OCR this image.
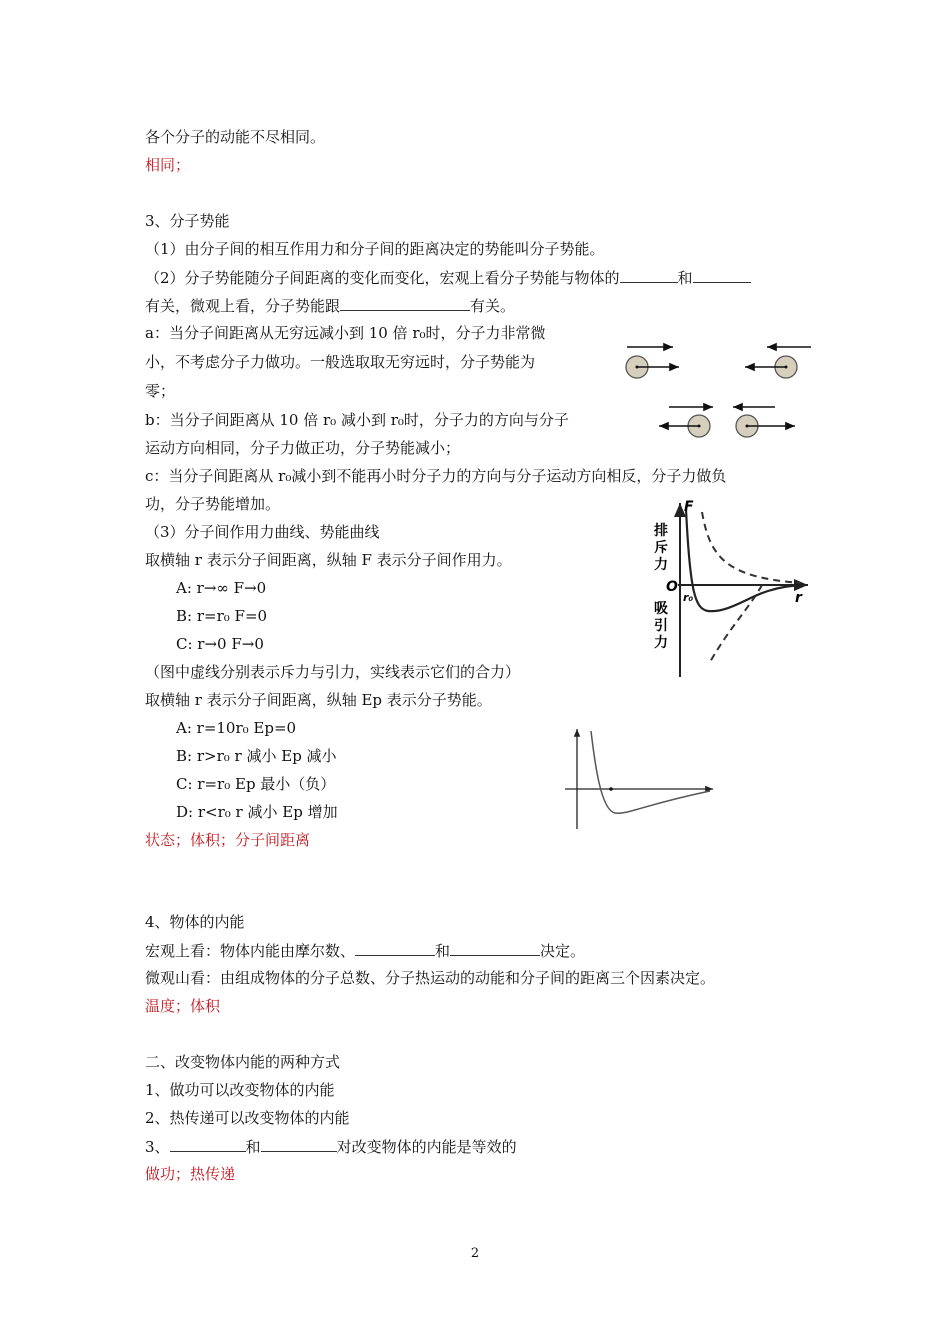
各个分子的动能不尽相同。
相同；
3、分子势能
（1）由分子间的相互作用力和分子间的距离决定的势能叫分子势能。
（2）分子势能随分子间距离的变化而变化，宏观上看分子势能与物体的	和
有关，微观上看，分子势能跟	有关。
a：当分子间距离从无穷远减小到 10 倍 r₀时，分子力非常微
小，不考虑分子力做功。一般选取取无穷远时，分子势能为
零；
b：当分子间距离从 10 倍 r₀ 减小到 r₀时，分子力的方向与分子
运动方向相同，分子力做正功，分子势能减小；
c：当分子间距离从 r₀减小到不能再小时分子力的方向与分子运动方向相反，分子力做负
功，分子势能增加。
（3）分子间作用力曲线、势能曲线
取横轴 r 表示分子间距离，纵轴 F 表示分子间作用力。
A: r→∞ F→0
B: r=r₀ F=0
C: r→0 F→0
（图中虚线分别表示斥力与引力，实线表示它们的合力）
取横轴 r 表示分子间距离，纵轴 Ep 表示分子势能。
A: r=10r₀ Ep=0
B: r>r₀ r 减小 Ep 减小
C: r=r₀ Ep 最小（负）
D: r<r₀ r 减小 Ep 增加
状态；体积；分子间距离
4、物体的内能
宏观上看：物体内能由摩尔数、	和	决定。
微观山看：由组成物体的分子总数、分子热运动的动能和分子间的距离三个因素决定。
温度；体积
二、改变物体内能的两种方式
1、做功可以改变物体的内能
2、热传递可以改变物体的内能
3、	和	对改变物体的内能是等效的
做功；热传递
F
r
O
r₀
排斥力
吸引力
2
